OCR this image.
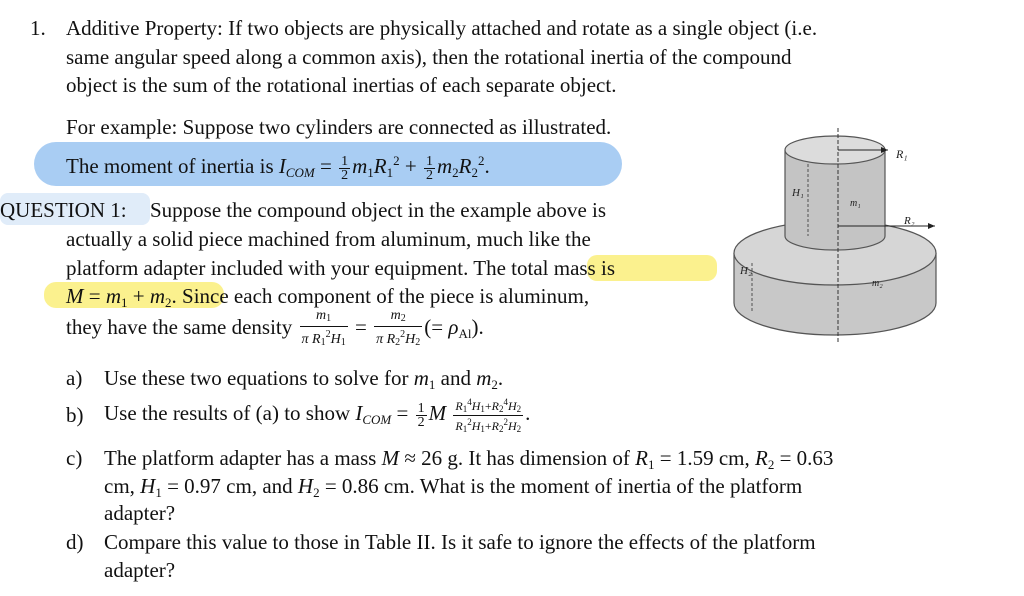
1. Additive Property: If two objects are physically attached and rotate as a single object (i.e.
same angular speed along a common axis), then the rotational inertia of the compound
object is the sum of the rotational inertias of each separate object.
For example: Suppose two cylinders are connected as illustrated.
The moment of inertia is $I_{COM} = \frac{1}{2} m_1R_1^2 + \frac{1}{2} m_2R_2^2$.
QUESTION 1: Suppose the compound object in the example above is
actually a solid piece machined from aluminum, much like the
platform adapter included with your equipment. The total mass is
$M = m_1 + m_2$. Since each component of the piece is aluminum,
they have the same density $\frac{m_1}{\pi R_1^2H_1} = \frac{m_2}{\pi R_2^2H_2}$ (= $\rho_{Al}$).
a) Use these two equations to solve for $m_1$ and $m_2$.
b) Use the results of (a) to show $I_{COM} = \frac{1}{2}$ M $\frac{R_1^4H_1+R_2^4H_2}{R_1^2H_1+R_2^2H_2}$ .
c) The platform adapter has a mass M ≈ 26 g. It has dimension of $R_1 = 1.59$ cm, $R_2 = 0.63$
cm, $H_1 = 0.97$ cm, and $H_2 = 0.86$ cm. What is the moment of inertia of the platform
adapter?
d) Compare this value to those in Table II. Is it safe to ignore the effects of the platform
adapter?
R₁
R₂
H₁
m₁
H₂
m₂
